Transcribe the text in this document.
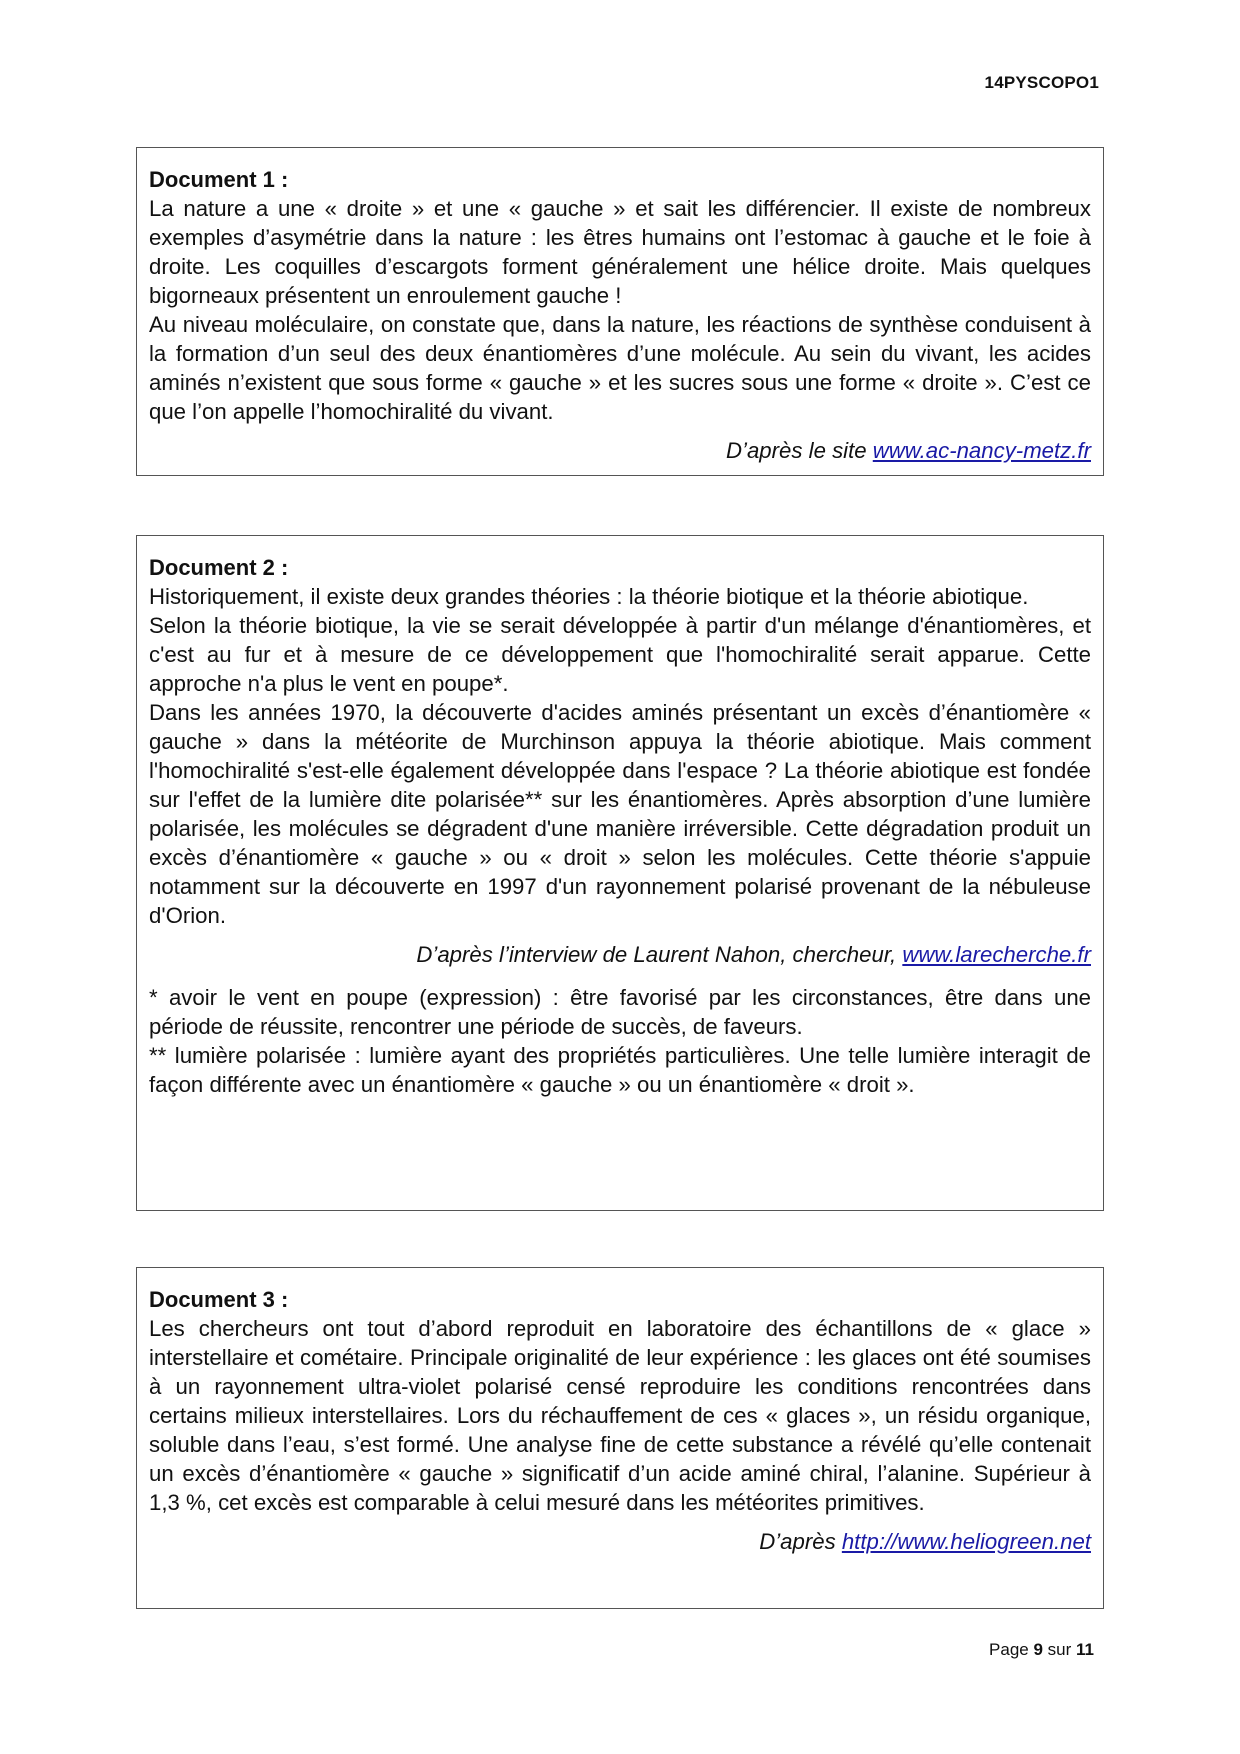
14PYSCOPO1
Document 1 :

La nature a une « droite » et une « gauche » et sait les différencier. Il existe de nombreux exemples d’asymétrie dans la nature : les êtres humains ont l’estomac à gauche et le foie à droite. Les coquilles d’escargots forment généralement une hélice droite. Mais quelques bigorneaux présentent un enroulement gauche !

Au niveau moléculaire, on constate que, dans la nature, les réactions de synthèse conduisent à la formation d’un seul des deux énantiomères d’une molécule. Au sein du vivant, les acides aminés n’existent que sous forme « gauche » et les sucres sous une forme « droite ». C’est ce que l’on appelle l’homochiralité du vivant.

D’après le site www.ac-nancy-metz.fr
Document 2 :

Historiquement, il existe deux grandes théories : la théorie biotique et la théorie abiotique.

Selon la théorie biotique, la vie se serait développée à partir d'un mélange d'énantiomères, et c'est au fur et à mesure de ce développement que l'homochiralité serait apparue. Cette approche n'a plus le vent en poupe*.

Dans les années 1970, la découverte d'acides aminés présentant un excès d’énantiomère « gauche » dans la météorite de Murchinson appuya la théorie abiotique. Mais comment l'homochiralité s'est-elle également développée dans l'espace ? La théorie abiotique est fondée sur l'effet de la lumière dite polarisée** sur les énantiomères. Après absorption d’une lumière polarisée, les molécules se dégradent d'une manière irréversible. Cette dégradation produit un excès d’énantiomère « gauche » ou « droit » selon les molécules. Cette théorie s'appuie notamment sur la découverte en 1997 d'un rayonnement polarisé provenant de la nébuleuse d'Orion.

D’après l’interview de Laurent Nahon, chercheur, www.larecherche.fr

* avoir le vent en poupe (expression) : être favorisé par les circonstances, être dans une période de réussite, rencontrer une période de succès, de faveurs.

** lumière polarisée : lumière ayant des propriétés particulières. Une telle lumière interagit de façon différente avec un énantiomère « gauche » ou un énantiomère « droit ».

Document 3 :

Les chercheurs ont tout d’abord reproduit en laboratoire des échantillons de « glace » interstellaire et cométaire. Principale originalité de leur expérience : les glaces ont été soumises à un rayonnement ultra-violet polarisé censé reproduire les conditions rencontrées dans certains milieux interstellaires. Lors du réchauffement de ces « glaces », un résidu organique, soluble dans l’eau, s’est formé. Une analyse fine de cette substance a révélé qu’elle contenait un excès d’énantiomère « gauche » significatif d’un acide aminé chiral, l’alanine. Supérieur à 1,3 %, cet excès est comparable à celui mesuré dans les météorites primitives.

D’après http://www.heliogreen.net
Page 9 sur 11
